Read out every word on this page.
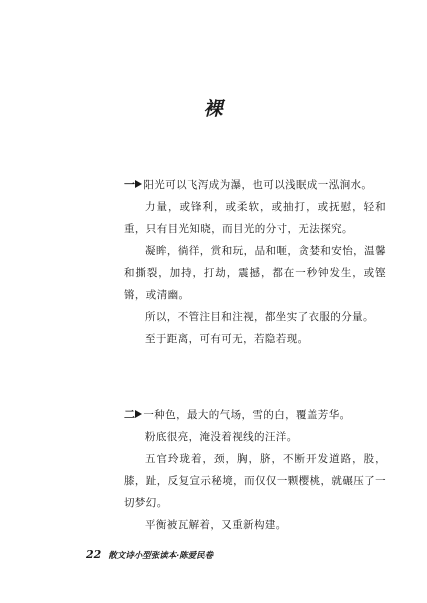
裸

一 阳光可以飞泻成为瀑，也可以浅眠成一泓涧水。

力量，或锋利，或柔软，或抽打，或抚慰，轻和重，只有目光知晓，而目光的分寸，无法探究。

凝眸，徜徉，赏和玩，品和咂，贪婪和安怡，温馨和撕裂，加持，打劫，震撼，都在一秒钟发生，或铿锵，或清幽。

所以，不管注目和注视，都坐实了衣服的分量。

至于距离，可有可无，若隐若现。

二 一种色，最大的气场，雪的白，覆盖芳华。

粉底很亮，淹没着视线的汪洋。

五官玲珑着，颈，胸，脐，不断开发道路，股，膝，趾，反复宣示秘境，而仅仅一颗樱桃，就碾压了一切梦幻。

平衡被瓦解着，又重新构建。

22 散文诗小型张读本·陈爱民卷
